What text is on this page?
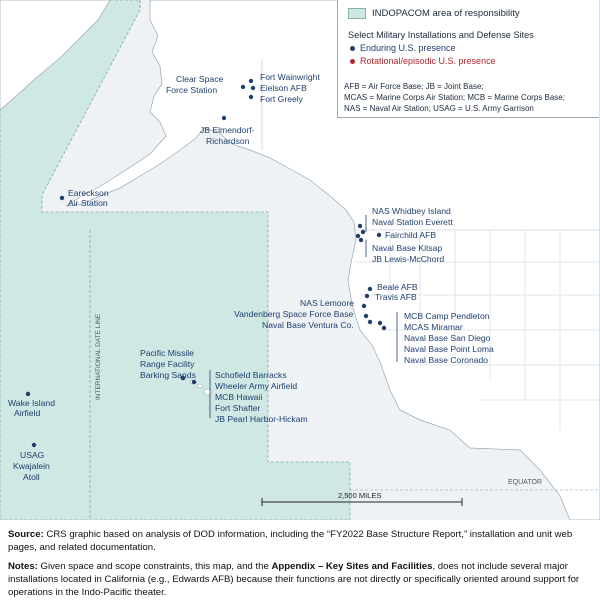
INTERNATIONAL DATE LINE
EQUATOR
2,500 MILES
Clear Space
Force Station
Fort Wainwright
Eielson AFB
Fort Greely
JB Elmendorf-
Richardson
Eareckson
Air Station
NAS Whidbey Island
Naval Station Everett
Fairchild AFB
Naval Base Kitsap
JB Lewis-McChord
Beale AFB
Travis AFB
NAS Lemoore
Vandenberg Space Force Base
Naval Base Ventura Co.
MCB Camp Pendleton
MCAS Miramar
Naval Base San Diego
Naval Base Point Loma
Naval Base Coronado
Pacific Missile
Range Facility
Barking Sands Schofield Barracks
Wheeler Army Airfield
MCB Hawaii
Fort Shafter
JB Pearl Harbor-Hickam
Wake Island
Airfield
USAG
Kwajalein
Atoll
INDOPACOM area of responsibility
Select Military Installations and Defense Sites
Enduring U.S. presence
Rotational/episodic U.S. presence
AFB = Air Force Base; JB = Joint Base;
MCAS = Marine Corps Air Station; MCB = Marine Corps Base;
NAS = Naval Air Station; USAG = U.S. Army Garrison
Source: CRS graphic based on analysis of DOD information, including the “FY2022 Base Structure Report,” installation and unit web pages, and related documentation.
Notes: Given space and scope constraints, this map, and the Appendix – Key Sites and Facilities, does not include several major installations located in California (e.g., Edwards AFB) because their functions are not directly or specifically oriented around support for operations in the Indo-Pacific theater.
